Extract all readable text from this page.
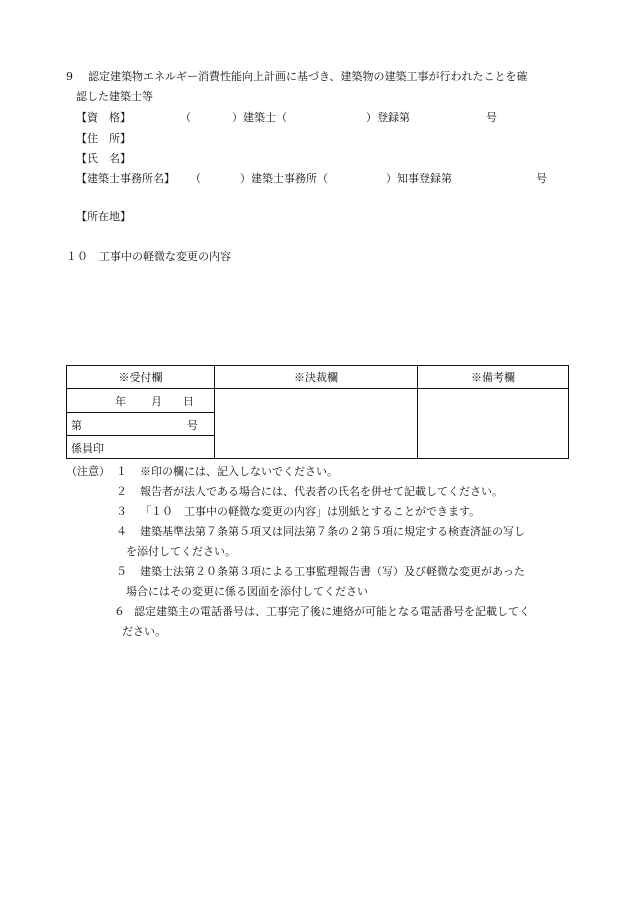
9 認定建築物エネルギー消費性能向上計画に基づき、建築物の建築工事が行われたことを確
認した建築士等
【資　格】	（	）建築士（	）登録第	号
【住　所】
【氏　名】
【建築士事務所名】 （	）建築士事務所（	）知事登録第	号
【所在地】
１０　工事中の軽微な変更の内容
※受付欄	※決裁欄	※備考欄

年 月 日		

第 号		

係員印		
（注意） １ ※印の欄には、記入しないでください。
２ 報告者が法人である場合には、代表者の氏名を併せて記載してください。
３ 「１０　工事中の軽微な変更の内容」は別紙とすることができます。
４ 建築基準法第７条第５項又は同法第７条の２第５項に規定する検査済証の写し
を添付してください。
５ 建築士法第２０条第３項による工事監理報告書（写）及び軽微な変更があった
場合にはその変更に係る図面を添付してください
６ 認定建築主の電話番号は、工事完了後に連絡が可能となる電話番号を記載してく
ださい。
